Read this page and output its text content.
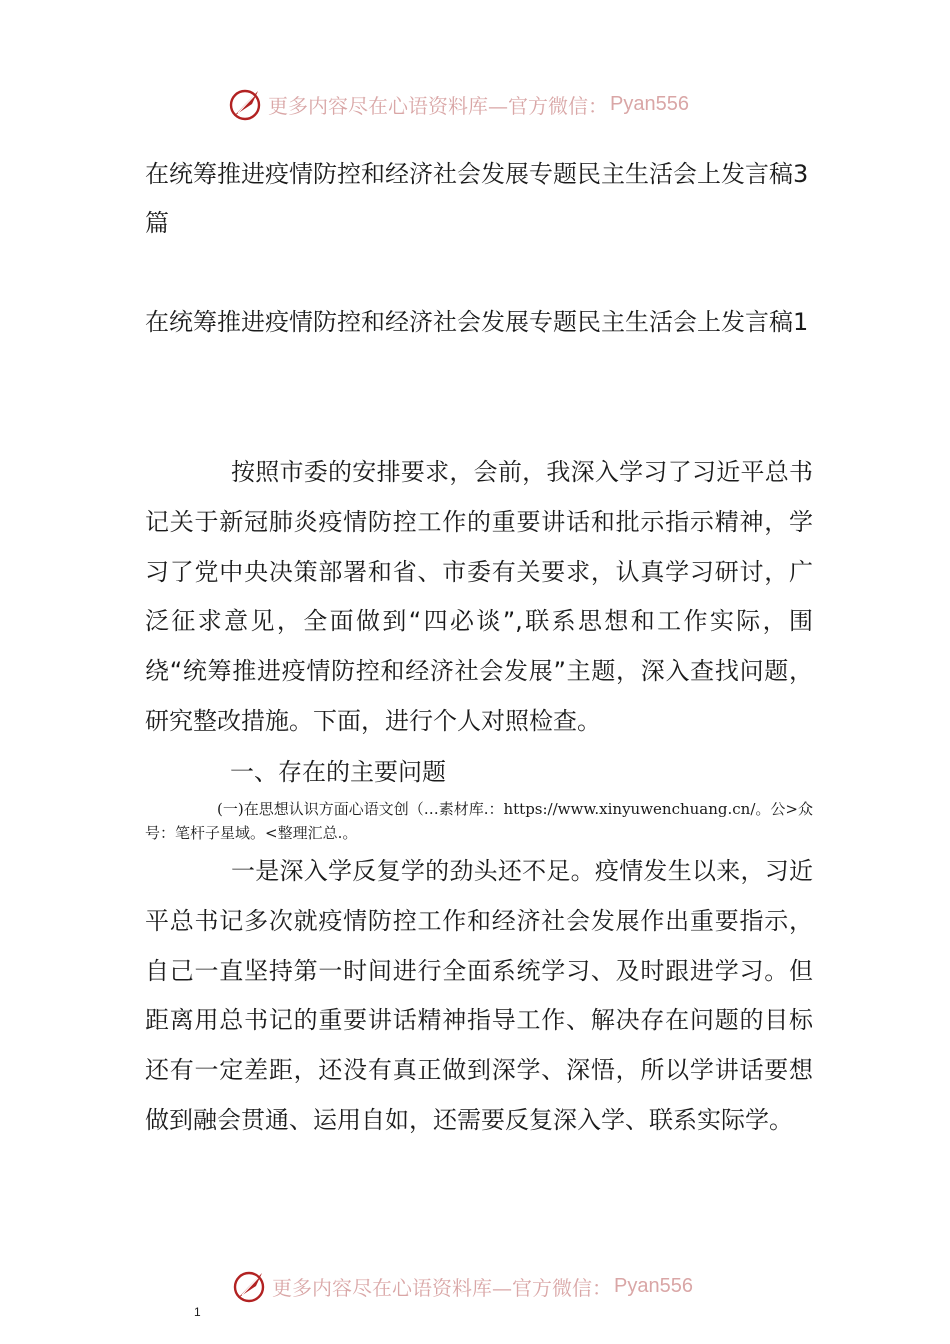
更多内容尽在心语资料库—官方微信： Pyan556
在统筹推进疫情防控和经济社会发展专题民主生活会上发言稿3篇
在统筹推进疫情防控和经济社会发展专题民主生活会上发言稿1
按照市委的安排要求，会前，我深入学习了习近平总书记关于新冠肺炎疫情防控工作的重要讲话和批示指示精神，学习了党中央决策部署和省、市委有关要求，认真学习研讨，广泛征求意见，全面做到“四必谈”,联系思想和工作实际，围绕“统筹推进疫情防控和经济社会发展”主题，深入查找问题，研究整改措施。下面，进行个人对照检查。
一、存在的主要问题
(一)在思想认识方面心语文创（…素材库.：https://www.xinyuwenchuang.cn/。公>众号：笔杆子星域。<整理汇总.。
一是深入学反复学的劲头还不足。疫情发生以来，习近平总书记多次就疫情防控工作和经济社会发展作出重要指示，自己一直坚持第一时间进行全面系统学习、及时跟进学习。但距离用总书记的重要讲话精神指导工作、解决存在问题的目标还有一定差距，还没有真正做到深学、深悟，所以学讲话要想做到融会贯通、运用自如，还需要反复深入学、联系实际学。
更多内容尽在心语资料库—官方微信： Pyan556
1
